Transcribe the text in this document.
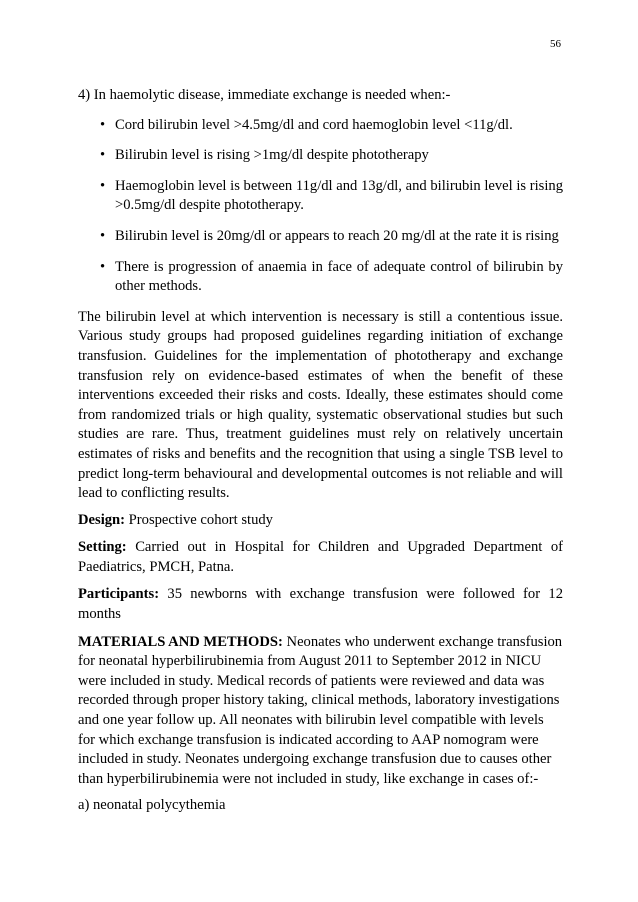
56

4) In haemolytic disease, immediate exchange is needed when:-

• Cord bilirubin level >4.5mg/dl and cord haemoglobin level <11g/dl.
• Bilirubin level is rising >1mg/dl despite phototherapy
• Haemoglobin level is between 11g/dl and 13g/dl, and bilirubin level is rising >0.5mg/dl despite phototherapy.
• Bilirubin level is 20mg/dl or appears to reach 20 mg/dl at the rate it is rising
• There is progression of anaemia in face of adequate control of bilirubin by other methods.

The bilirubin level at which intervention is necessary is still a contentious issue. Various study groups had proposed guidelines regarding initiation of exchange transfusion. Guidelines for the implementation of phototherapy and exchange transfusion rely on evidence-based estimates of when the benefit of these interventions exceeded their risks and costs. Ideally, these estimates should come from randomized trials or high quality, systematic observational studies but such studies are rare. Thus, treatment guidelines must rely on relatively uncertain estimates of risks and benefits and the recognition that using a single TSB level to predict long-term behavioural and developmental outcomes is not reliable and will lead to conflicting results.

Design: Prospective cohort study

Setting: Carried out in Hospital for Children and Upgraded Department of Paediatrics, PMCH, Patna.

Participants: 35 newborns with exchange transfusion were followed for 12 months

MATERIALS AND METHODS: Neonates who underwent exchange transfusion for neonatal hyperbilirubinemia from August 2011 to September 2012 in NICU were included in study. Medical records of patients were reviewed and data was recorded through proper history taking, clinical methods, laboratory investigations and one year follow up. All neonates with bilirubin level compatible with levels for which exchange transfusion is indicated according to AAP nomogram were included in study. Neonates undergoing exchange transfusion due to causes other than hyperbilirubinemia were not included in study, like exchange in cases of:-

a) neonatal polycythemia
